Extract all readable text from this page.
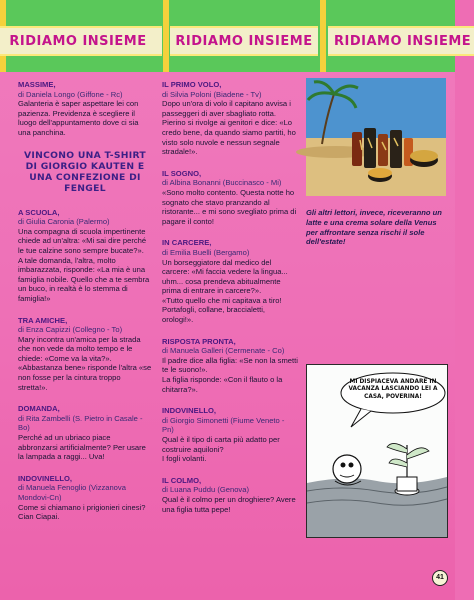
RIDIAMO INSIEME	RIDIAMO INSIEME	RIDIAMO INSIEME

MASSIME,

di Daniela Longo (Giffone - Rc)

Galanteria è saper aspettare lei con pazienza. Previdenza è scegliere il luogo dell'appuntamento dove ci sia una panchina.

VINCONO UNA T-SHIRT DI GIORGIO KAUTEN E UNA CONFEZIONE DI FENGEL

A SCUOLA,

di Giulia Caronia (Palermo)

Una compagna di scuola impertinente chiede ad un'altra: «Mi sai dire perché le tue calzine sono sempre bucate?».

A tale domanda, l'altra, molto imbarazzata, risponde: «La mia è una famiglia nobile. Quello che a te sembra un buco, in realtà è lo stemma di famiglia!»

TRA AMICHE,

di Enza Capizzi (Collegno - To)

Mary incontra un'amica per la strada che non vede da molto tempo e le chiede: «Come va la vita?». «Abbastanza bene» risponde l'altra «se non fosse per la cintura troppo stretta!».

DOMANDA,

di Rita Zambelli (S. Pietro in Casale - Bo)

Perché ad un ubriaco piace abbronzarsi artificialmente? Per usare la lampada a raggi... Uva!

INDOVINELLO,

di Manuela Fenoglio (Vizzanova Mondovi-Cn)

Come si chiamano i prigionieri cinesi?

Cian Ciapai.

IL PRIMO VOLO,

di Silvia Poloni (Biadene - Tv)

Dopo un'ora di volo il capitano avvisa i passeggeri di aver sbagliato rotta. Pierino si rivolge ai genitori e dice: «Lo credo bene, da quando siamo partiti, ho visto solo nuvole e nessun segnale stradale!».

IL SOGNO,

di Albina Bonanni (Buccinasco - Mi)

«Sono molto contento. Questa notte ho sognato che stavo pranzando al ristorante... e mi sono svegliato prima di pagare il conto!

IN CARCERE,

di Emilia Buelli (Bergamo)

Un borseggiatore dal medico del carcere: «Mi faccia vedere la lingua... uhm... cosa prendeva abitualmente prima di entrare in carcere?».

«Tutto quello che mi capitava a tiro! Portafogli, collane, braccialetti, orologi!».

RISPOSTA PRONTA,

di Manuela Galleri (Cermenate - Co)

Il padre dice alla figlia: «Se non la smetti te le suono!».

La figlia risponde: «Con il flauto o la chitarra?».

INDOVINELLO,

di Giorgio Simonetti (Fiume Veneto - Pn)

Qual è il tipo di carta più adatto per costruire aquiloni?

I fogli volanti.

IL COLMO,

di Luana Puddu (Genova)

Qual è il colmo per un droghiere? Avere una figlia tutta pepe!

Gli altri lettori, invece, riceveranno un latte e una crema solare della Venus per affrontare senza rischi il sole dell'estate!
MI DISPIACEVA ANDARE IN VACANZA LASCIANDO LEI A CASA, POVERINA!
41
